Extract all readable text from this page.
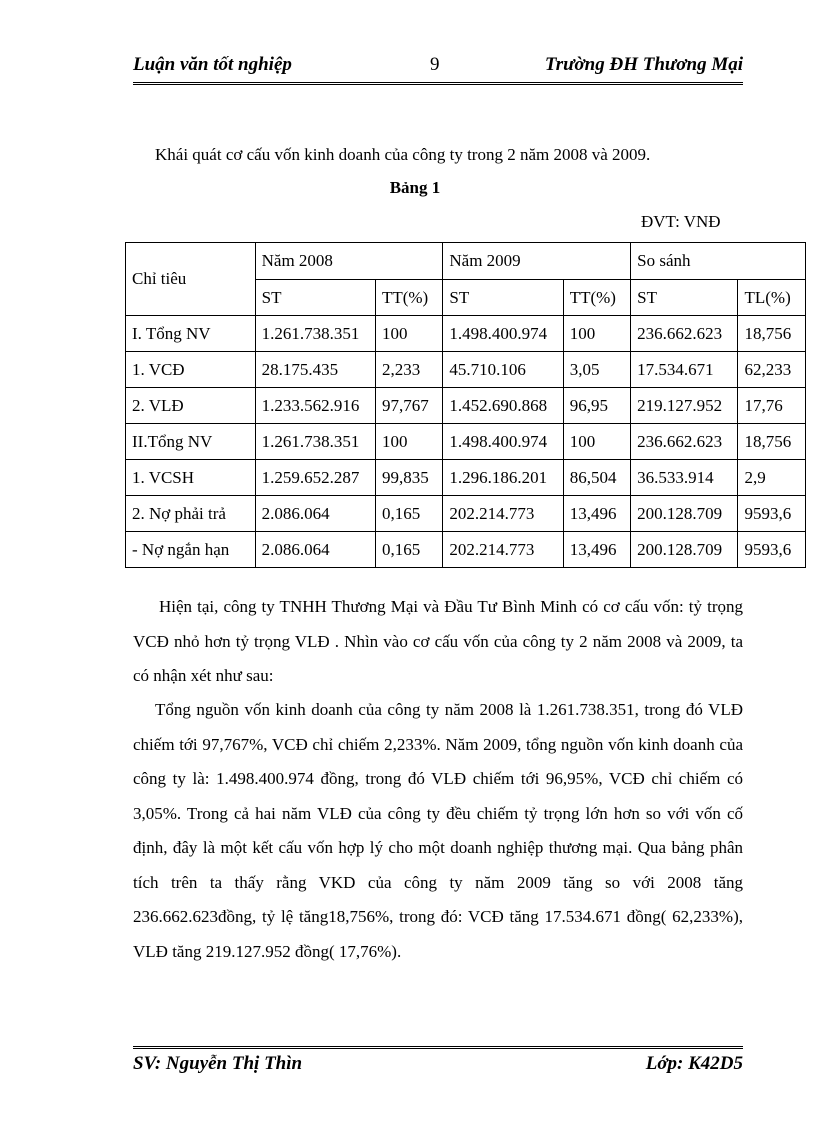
Luận văn tốt nghiệp	9	Trường ĐH Thương Mại
Khái quát cơ cấu vốn kinh doanh của công ty trong 2 năm 2008 và 2009.
Bảng 1
ĐVT: VNĐ
Chỉ tiêu	Năm 2008		Năm 2009		So sánh	
	ST	TT(%)	ST	TT(%)	ST	TL(%)
I. Tổng NV	1.261.738.351	100	1.498.400.974	100	236.662.623	18,756
1. VCĐ	28.175.435	2,233	45.710.106	3,05	17.534.671	62,233
2. VLĐ	1.233.562.916	97,767	1.452.690.868	96,95	219.127.952	17,76
II.Tổng NV	1.261.738.351	100	1.498.400.974	100	236.662.623	18,756
1. VCSH	1.259.652.287	99,835	1.296.186.201	86,504	36.533.914	2,9
2. Nợ phải trả	2.086.064	0,165	202.214.773	13,496	200.128.709	9593,6
- Nợ ngắn hạn	2.086.064	0,165	202.214.773	13,496	200.128.709	9593,6
Hiện tại, công ty TNHH Thương Mại và Đầu Tư Bình Minh có cơ cấu vốn: tỷ trọng VCĐ nhỏ hơn tỷ trọng VLĐ . Nhìn vào cơ cấu vốn của công ty 2 năm 2008 và 2009, ta có nhận xét như sau:
Tổng nguồn vốn kinh doanh của công ty năm 2008 là 1.261.738.351, trong đó VLĐ chiếm tới 97,767%, VCĐ chỉ chiếm 2,233%. Năm 2009, tổng nguồn vốn kinh doanh của công ty là: 1.498.400.974 đồng, trong đó VLĐ chiếm tới 96,95%, VCĐ chỉ chiếm có 3,05%. Trong cả hai năm VLĐ của công ty đều chiếm tỷ trọng lớn hơn so với vốn cố định, đây là một kết cấu vốn hợp lý cho một doanh nghiệp thương mại. Qua bảng phân tích trên ta thấy rằng VKD của công ty năm 2009 tăng so với 2008 tăng 236.662.623đồng, tỷ lệ tăng18,756%, trong đó: VCĐ tăng 17.534.671 đồng( 62,233%), VLĐ tăng 219.127.952 đồng( 17,76%).
SV: Nguyễn Thị Thìn	Lớp: K42D5
